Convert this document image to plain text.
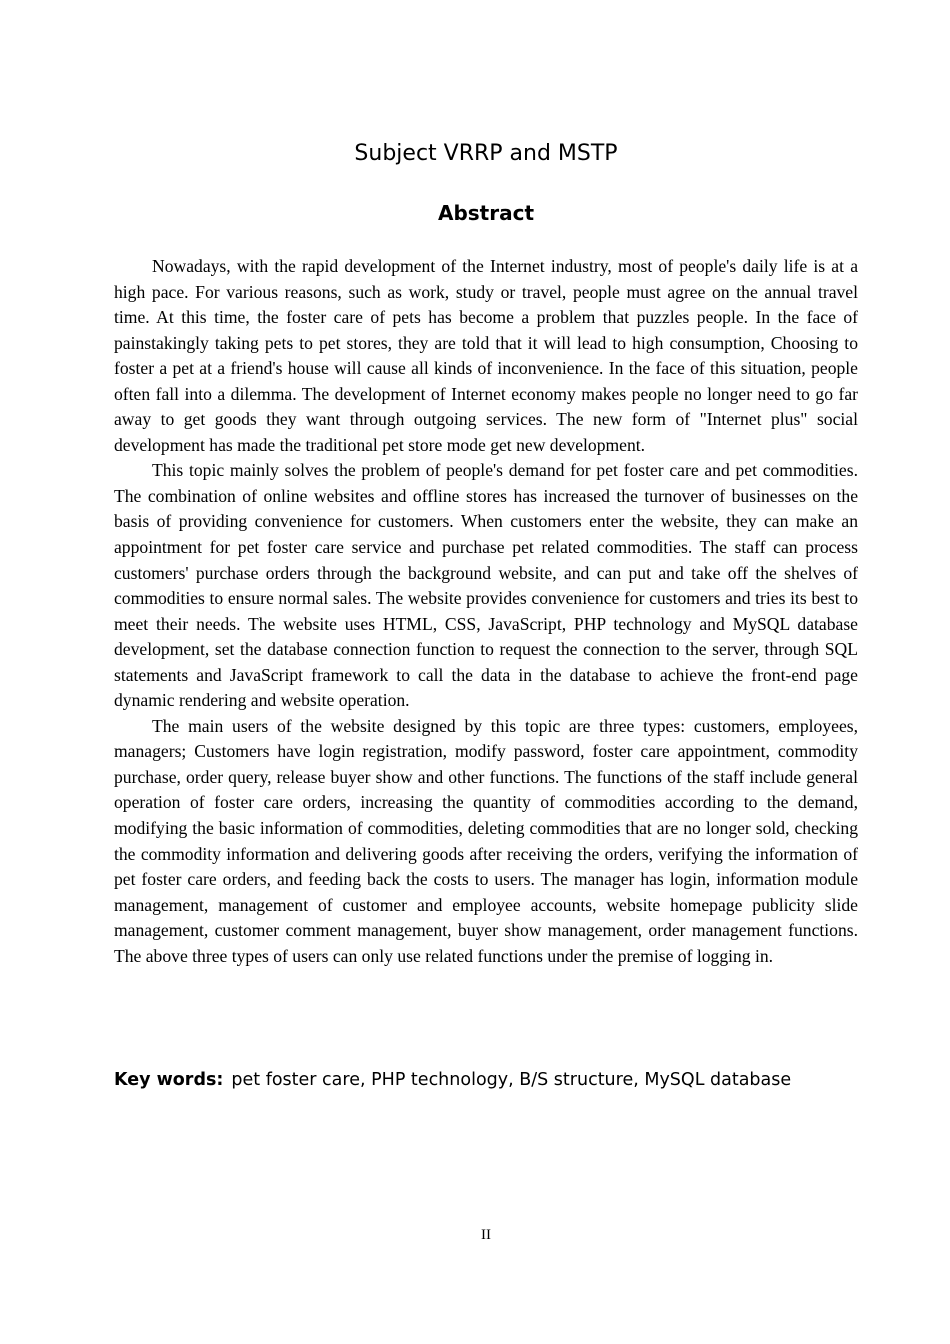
Subject VRRP and MSTP
Abstract

Nowadays, with the rapid development of the Internet industry, most of people's daily life is at a high pace. For various reasons, such as work, study or travel, people must agree on the annual travel time. At this time, the foster care of pets has become a problem that puzzles people. In the face of painstakingly taking pets to pet stores, they are told that it will lead to high consumption, Choosing to foster a pet at a friend's house will cause all kinds of inconvenience. In the face of this situation, people often fall into a dilemma. The development of Internet economy makes people no longer need to go far away to get goods they want through outgoing services. The new form of "Internet plus" social development has made the traditional pet store mode get new development.

This topic mainly solves the problem of people's demand for pet foster care and pet commodities. The combination of online websites and offline stores has increased the turnover of businesses on the basis of providing convenience for customers. When customers enter the website, they can make an appointment for pet foster care service and purchase pet related commodities. The staff can process customers' purchase orders through the background website, and can put and take off the shelves of commodities to ensure normal sales. The website provides convenience for customers and tries its best to meet their needs. The website uses HTML, CSS, JavaScript, PHP technology and MySQL database development, set the database connection function to request the connection to the server, through SQL statements and JavaScript framework to call the data in the database to achieve the front-end page dynamic rendering and website operation.

The main users of the website designed by this topic are three types: customers, employees, managers; Customers have login registration, modify password, foster care appointment, commodity purchase, order query, release buyer show and other functions. The functions of the staff include general operation of foster care orders, increasing the quantity of commodities according to the demand, modifying the basic information of commodities, deleting commodities that are no longer sold, checking the commodity information and delivering goods after receiving the orders, verifying the information of pet foster care orders, and feeding back the costs to users. The manager has login, information module management, management of customer and employee accounts, website homepage publicity slide management, customer comment management, buyer show management, order management functions. The above three types of users can only use related functions under the premise of logging in.

Key words: pet foster care, PHP technology, B/S structure, MySQL database
II
